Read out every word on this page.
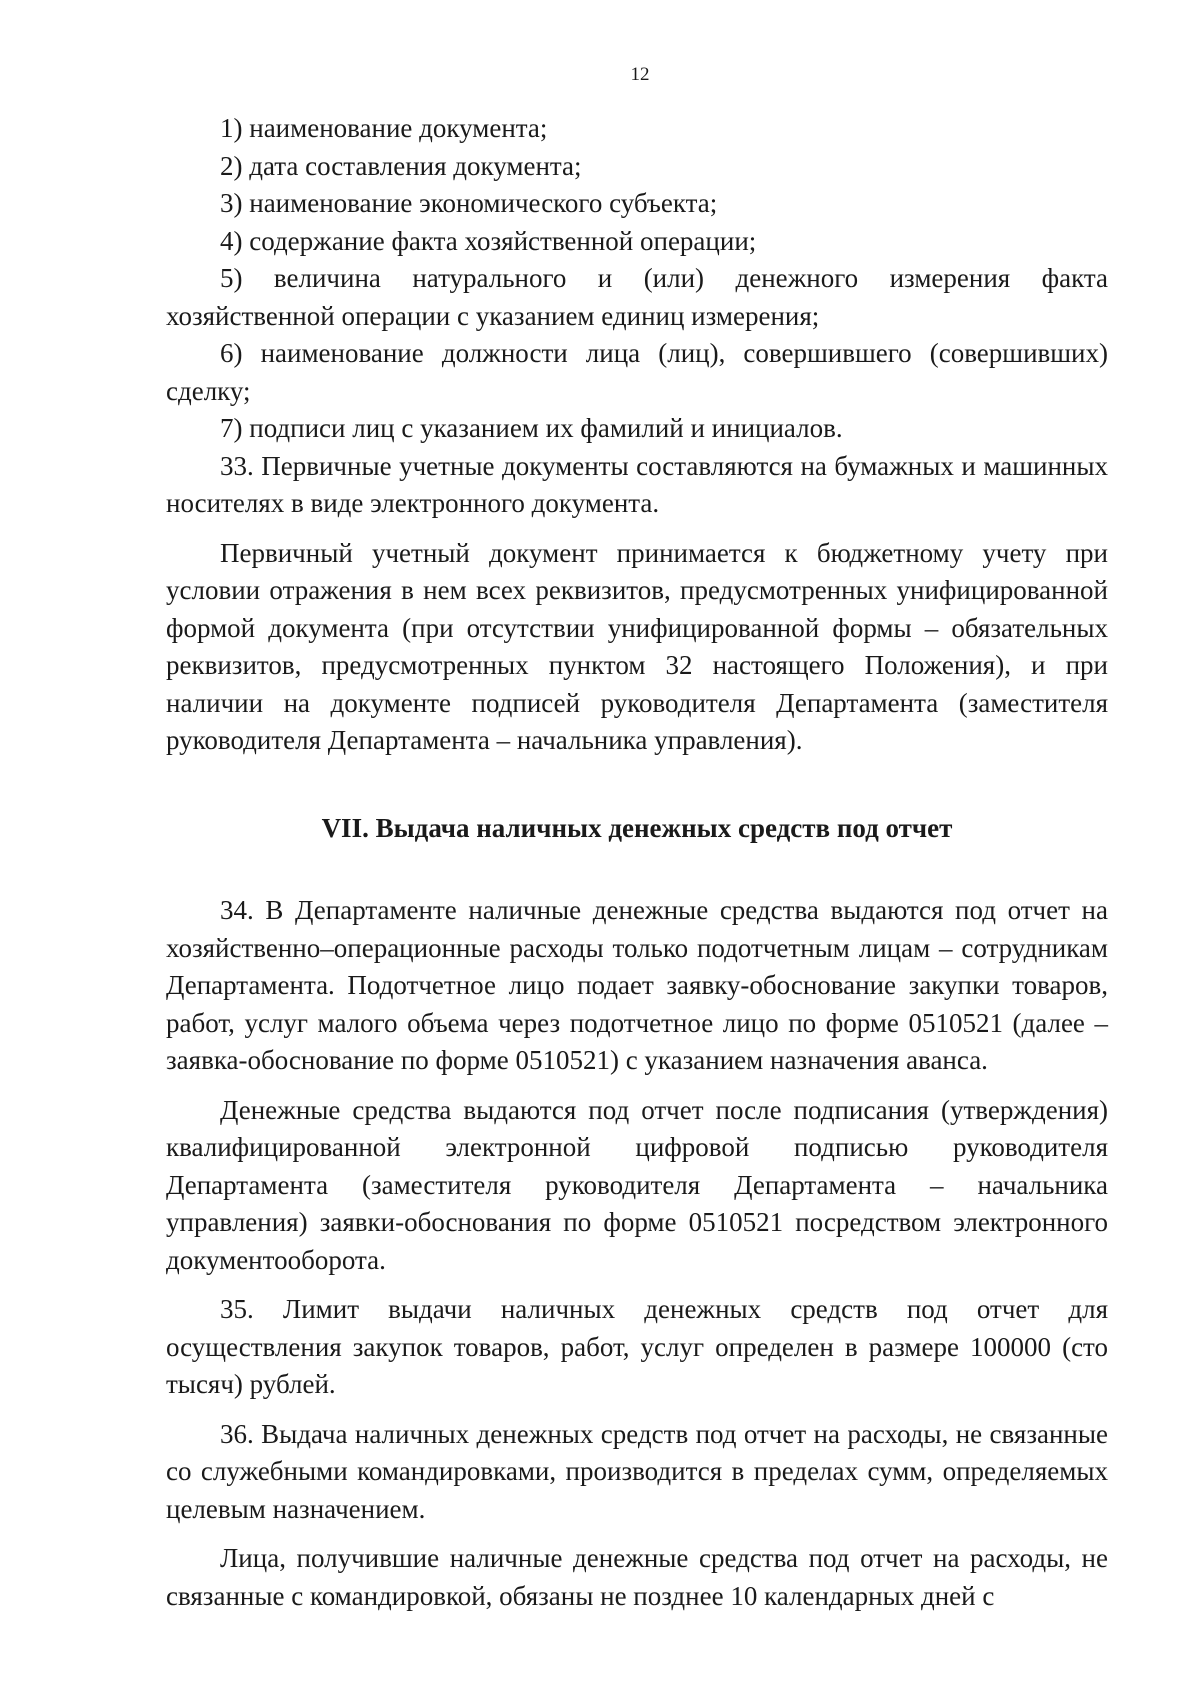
12

1) наименование документа;

2) дата составления документа;

3) наименование экономического субъекта;

4) содержание факта хозяйственной операции;

5) величина натурального и (или) денежного измерения факта хозяйственной операции с указанием единиц измерения;

6) наименование должности лица (лиц), совершившего (совершивших) сделку;

7) подписи лиц с указанием их фамилий и инициалов.

33. Первичные учетные документы составляются на бумажных и машинных носителях в виде электронного документа.

Первичный учетный документ принимается к бюджетному учету при условии отражения в нем всех реквизитов, предусмотренных унифицированной формой документа (при отсутствии унифицированной формы – обязательных реквизитов, предусмотренных пунктом 32 настоящего Положения), и при наличии на документе подписей руководителя Департамента (заместителя руководителя Департамента – начальника управления).

VII. Выдача наличных денежных средств под отчет

34. В Департаменте наличные денежные средства выдаются под отчет на хозяйственно–операционные расходы только подотчетным лицам – сотрудникам Департамента. Подотчетное лицо подает заявку-обоснование закупки товаров, работ, услуг малого объема через подотчетное лицо по форме 0510521 (далее – заявка-обоснование по форме 0510521) с указанием назначения аванса.

Денежные средства выдаются под отчет после подписания (утверждения) квалифицированной электронной цифровой подписью руководителя Департамента (заместителя руководителя Департамента – начальника управления) заявки-обоснования по форме 0510521 посредством электронного документооборота.

35. Лимит выдачи наличных денежных средств под отчет для осуществления закупок товаров, работ, услуг определен в размере 100000 (сто тысяч) рублей.

36. Выдача наличных денежных средств под отчет на расходы, не связанные со служебными командировками, производится в пределах сумм, определяемых целевым назначением.

Лица, получившие наличные денежные средства под отчет на расходы, не связанные с командировкой, обязаны не позднее 10 календарных дней с
